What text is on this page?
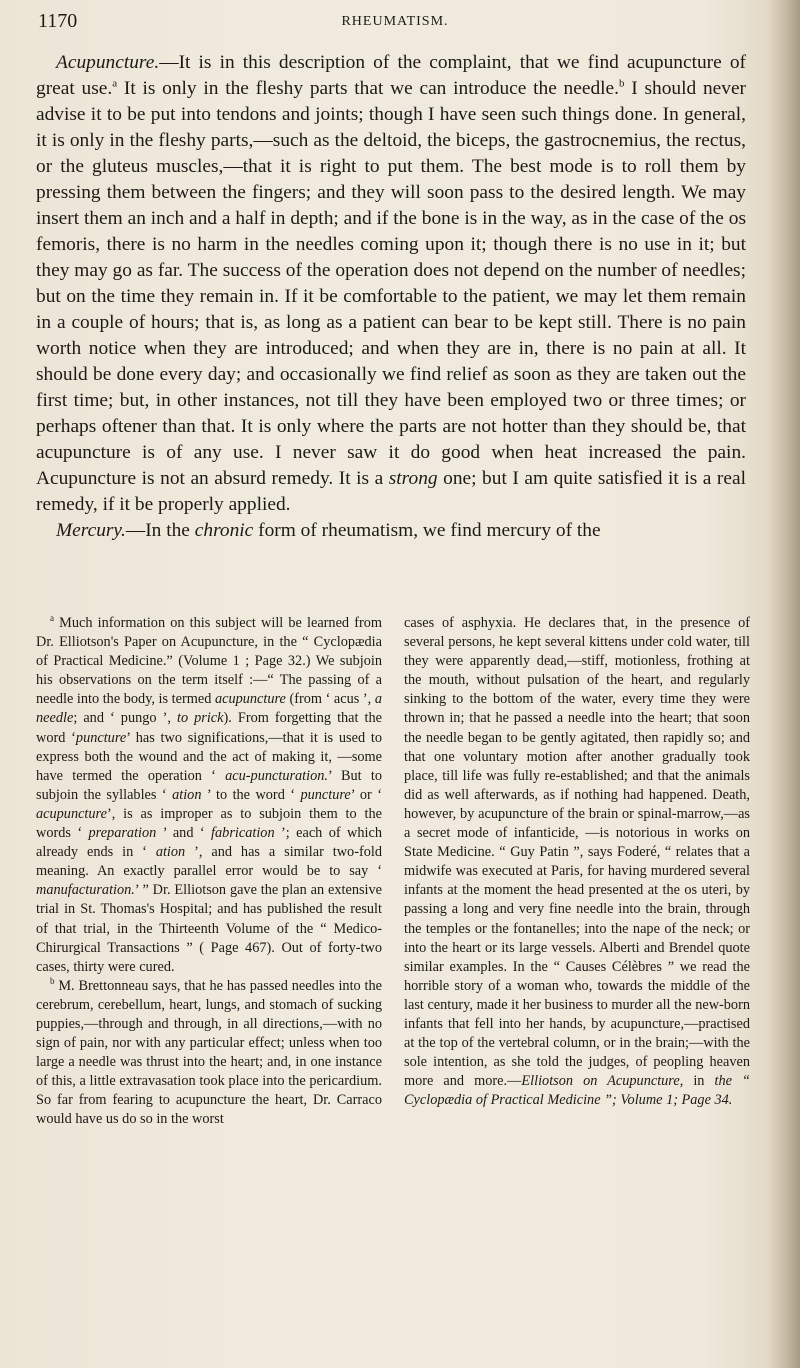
1170	RHEUMATISM.

Acupuncture.—It is in this description of the complaint, that we find acupuncture of great use.$^a$ It is only in the fleshy parts that we can introduce the needle.$^b$ I should never advise it to be put into tendons and joints; though I have seen such things done. In general, it is only in the fleshy parts,—such as the deltoid, the biceps, the gastrocnemius, the rectus, or the gluteus muscles,—that it is right to put them. The best mode is to roll them by pressing them between the fingers; and they will soon pass to the desired length. We may insert them an inch and a half in depth; and if the bone is in the way, as in the case of the os femoris, there is no harm in the needles coming upon it; though there is no use in it; but they may go as far. The success of the operation does not depend on the number of needles; but on the time they remain in. If it be comfortable to the patient, we may let them remain in a couple of hours; that is, as long as a patient can bear to be kept still. There is no pain worth notice when they are introduced; and when they are in, there is no pain at all. It should be done every day; and occasionally we find relief as soon as they are taken out the first time; but, in other instances, not till they have been employed two or three times; or perhaps oftener than that. It is only where the parts are not hotter than they should be, that acupuncture is of any use. I never saw it do good when heat increased the pain. Acupuncture is not an absurd remedy. It is a strong one; but I am quite satisfied it is a real remedy, if it be properly applied.

Mercury.—In the chronic form of rheumatism, we find mercury of the

$^a$ Much information on this subject will be learned from Dr. Elliotson's Paper on Acupuncture, in the “ Cyclopædia of Practical Medicine.” (Volume 1 ; Page 32.) We subjoin his observations on the term itself :—“ The passing of a needle into the body, is termed acupuncture (from ‘ acus ’, a needle; and ‘ pungo ’, to prick). From forgetting that the word ‘puncture’ has two significations,—that it is used to express both the wound and the act of making it, —some have termed the operation ‘ acu-puncturation.’ But to subjoin the syllables ‘ ation ’ to the word ‘ puncture’ or ‘ acupuncture’, is as improper as to subjoin them to the words ‘ preparation ’ and ‘ fabrication ’; each of which already ends in ‘ ation ’, and has a similar two-fold meaning. An exactly parallel error would be to say ‘ manufacturation.’ ” Dr. Elliotson gave the plan an extensive trial in St. Thomas's Hospital; and has published the result of that trial, in the Thirteenth Volume of the “ Medico-Chirurgical Transactions ” ( Page 467). Out of forty-two cases, thirty were cured.

$^b$ M. Brettonneau says, that he has passed needles into the cerebrum, cerebellum, heart, lungs, and stomach of sucking puppies,—through and through, in all directions,—with no sign of pain, nor with any particular effect; unless when too large a needle was thrust into the heart; and, in one instance of this, a little extravasation took place into the pericardium. So far from fearing to acupuncture the heart, Dr. Carraco would have us do so in the worst

cases of asphyxia. He declares that, in the presence of several persons, he kept several kittens under cold water, till they were apparently dead,—stiff, motionless, frothing at the mouth, without pulsation of the heart, and regularly sinking to the bottom of the water, every time they were thrown in; that he passed a needle into the heart; that soon the needle began to be gently agitated, then rapidly so; and that one voluntary motion after another gradually took place, till life was fully re-established; and that the animals did as well afterwards, as if nothing had happened. Death, however, by acupuncture of the brain or spinal-marrow,—as a secret mode of infanticide, —is notorious in works on State Medicine. “ Guy Patin ”, says Foderé, “ relates that a midwife was executed at Paris, for having murdered several infants at the moment the head presented at the os uteri, by passing a long and very fine needle into the brain, through the temples or the fontanelles; into the nape of the neck; or into the heart or its large vessels. Alberti and Brendel quote similar examples. In the “ Causes Célèbres ” we read the horrible story of a woman who, towards the middle of the last century, made it her business to murder all the new-born infants that fell into her hands, by acupuncture,—practised at the top of the vertebral column, or in the brain;—with the sole intention, as she told the judges, of peopling heaven more and more.—Elliotson on Acupuncture, in the “ Cyclopædia of Practical Medicine ”; Volume 1; Page 34.
